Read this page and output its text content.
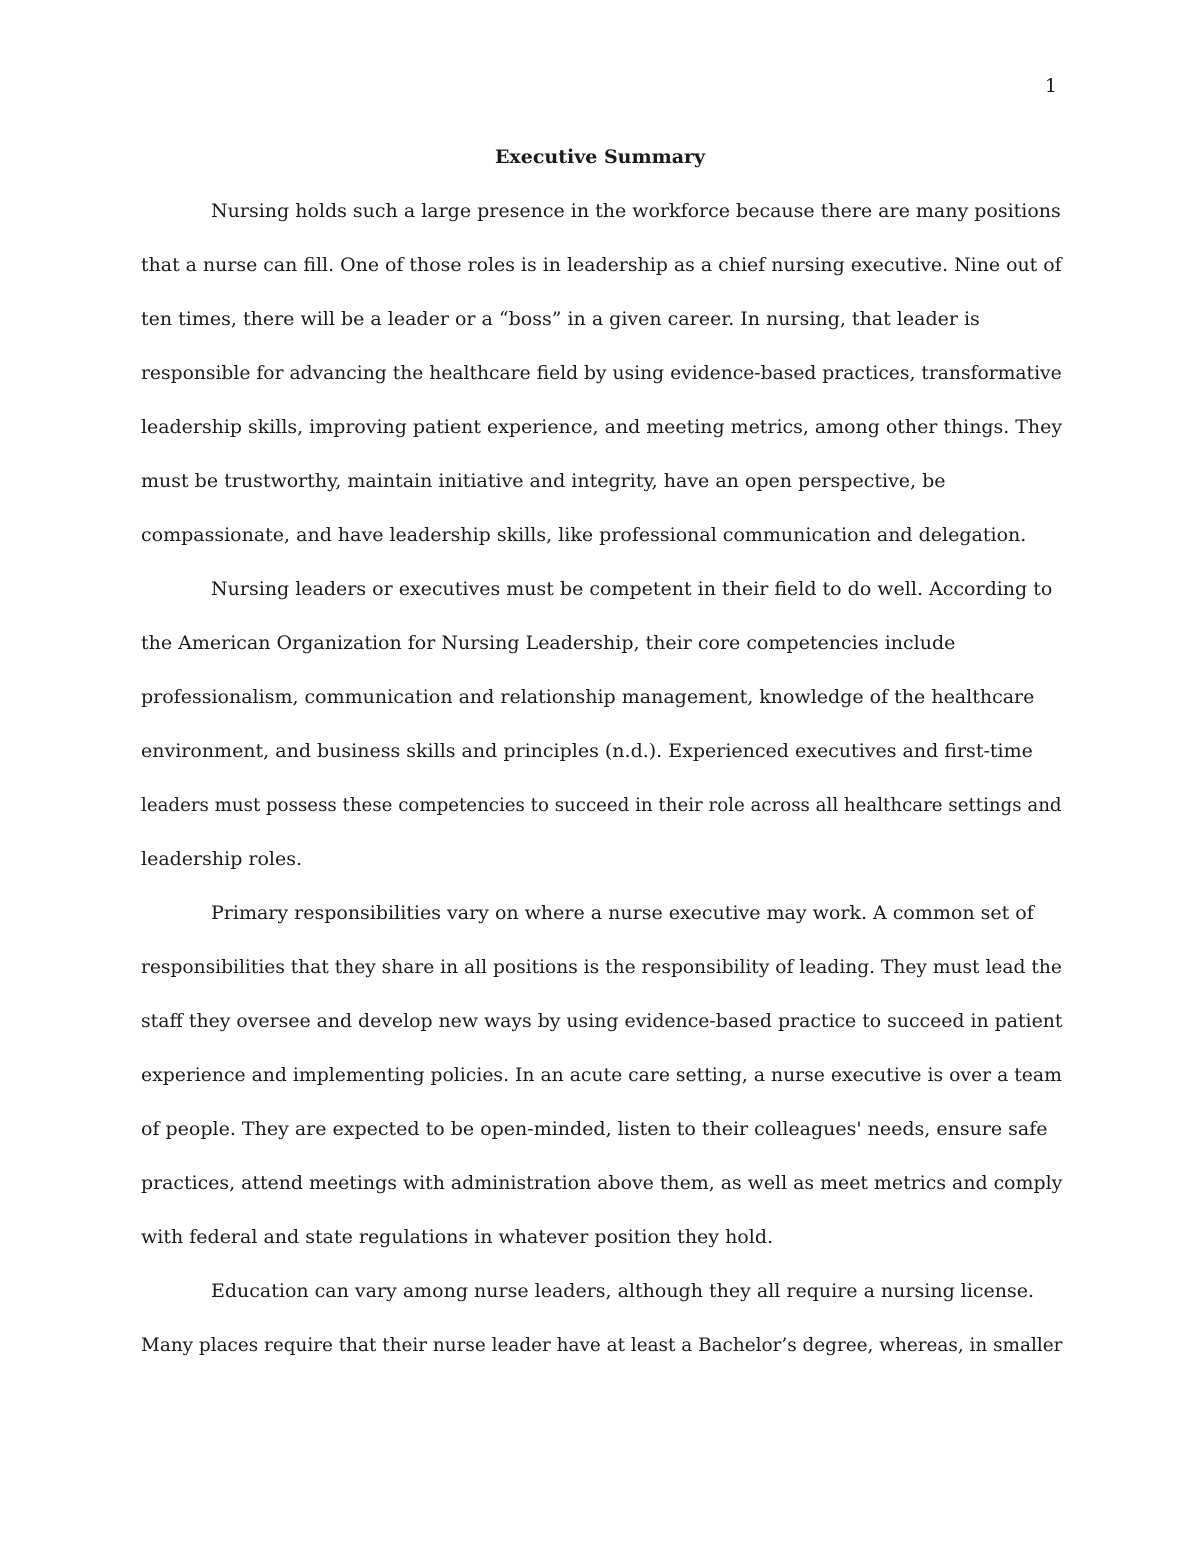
1
Executive Summary
Nursing holds such a large presence in the workforce because there are many positions
that a nurse can fill. One of those roles is in leadership as a chief nursing executive. Nine out of
ten times, there will be a leader or a “boss” in a given career. In nursing, that leader is
responsible for advancing the healthcare field by using evidence-based practices, transformative
leadership skills, improving patient experience, and meeting metrics, among other things. They
must be trustworthy, maintain initiative and integrity, have an open perspective, be
compassionate, and have leadership skills, like professional communication and delegation.
Nursing leaders or executives must be competent in their field to do well. According to
the American Organization for Nursing Leadership, their core competencies include
professionalism, communication and relationship management, knowledge of the healthcare
environment, and business skills and principles (n.d.). Experienced executives and first-time
leaders must possess these competencies to succeed in their role across all healthcare settings and
leadership roles.
Primary responsibilities vary on where a nurse executive may work. A common set of
responsibilities that they share in all positions is the responsibility of leading. They must lead the
staff they oversee and develop new ways by using evidence-based practice to succeed in patient
experience and implementing policies. In an acute care setting, a nurse executive is over a team
of people. They are expected to be open-minded, listen to their colleagues' needs, ensure safe
practices, attend meetings with administration above them, as well as meet metrics and comply
with federal and state regulations in whatever position they hold.
Education can vary among nurse leaders, although they all require a nursing license.
Many places require that their nurse leader have at least a Bachelor’s degree, whereas, in smaller
